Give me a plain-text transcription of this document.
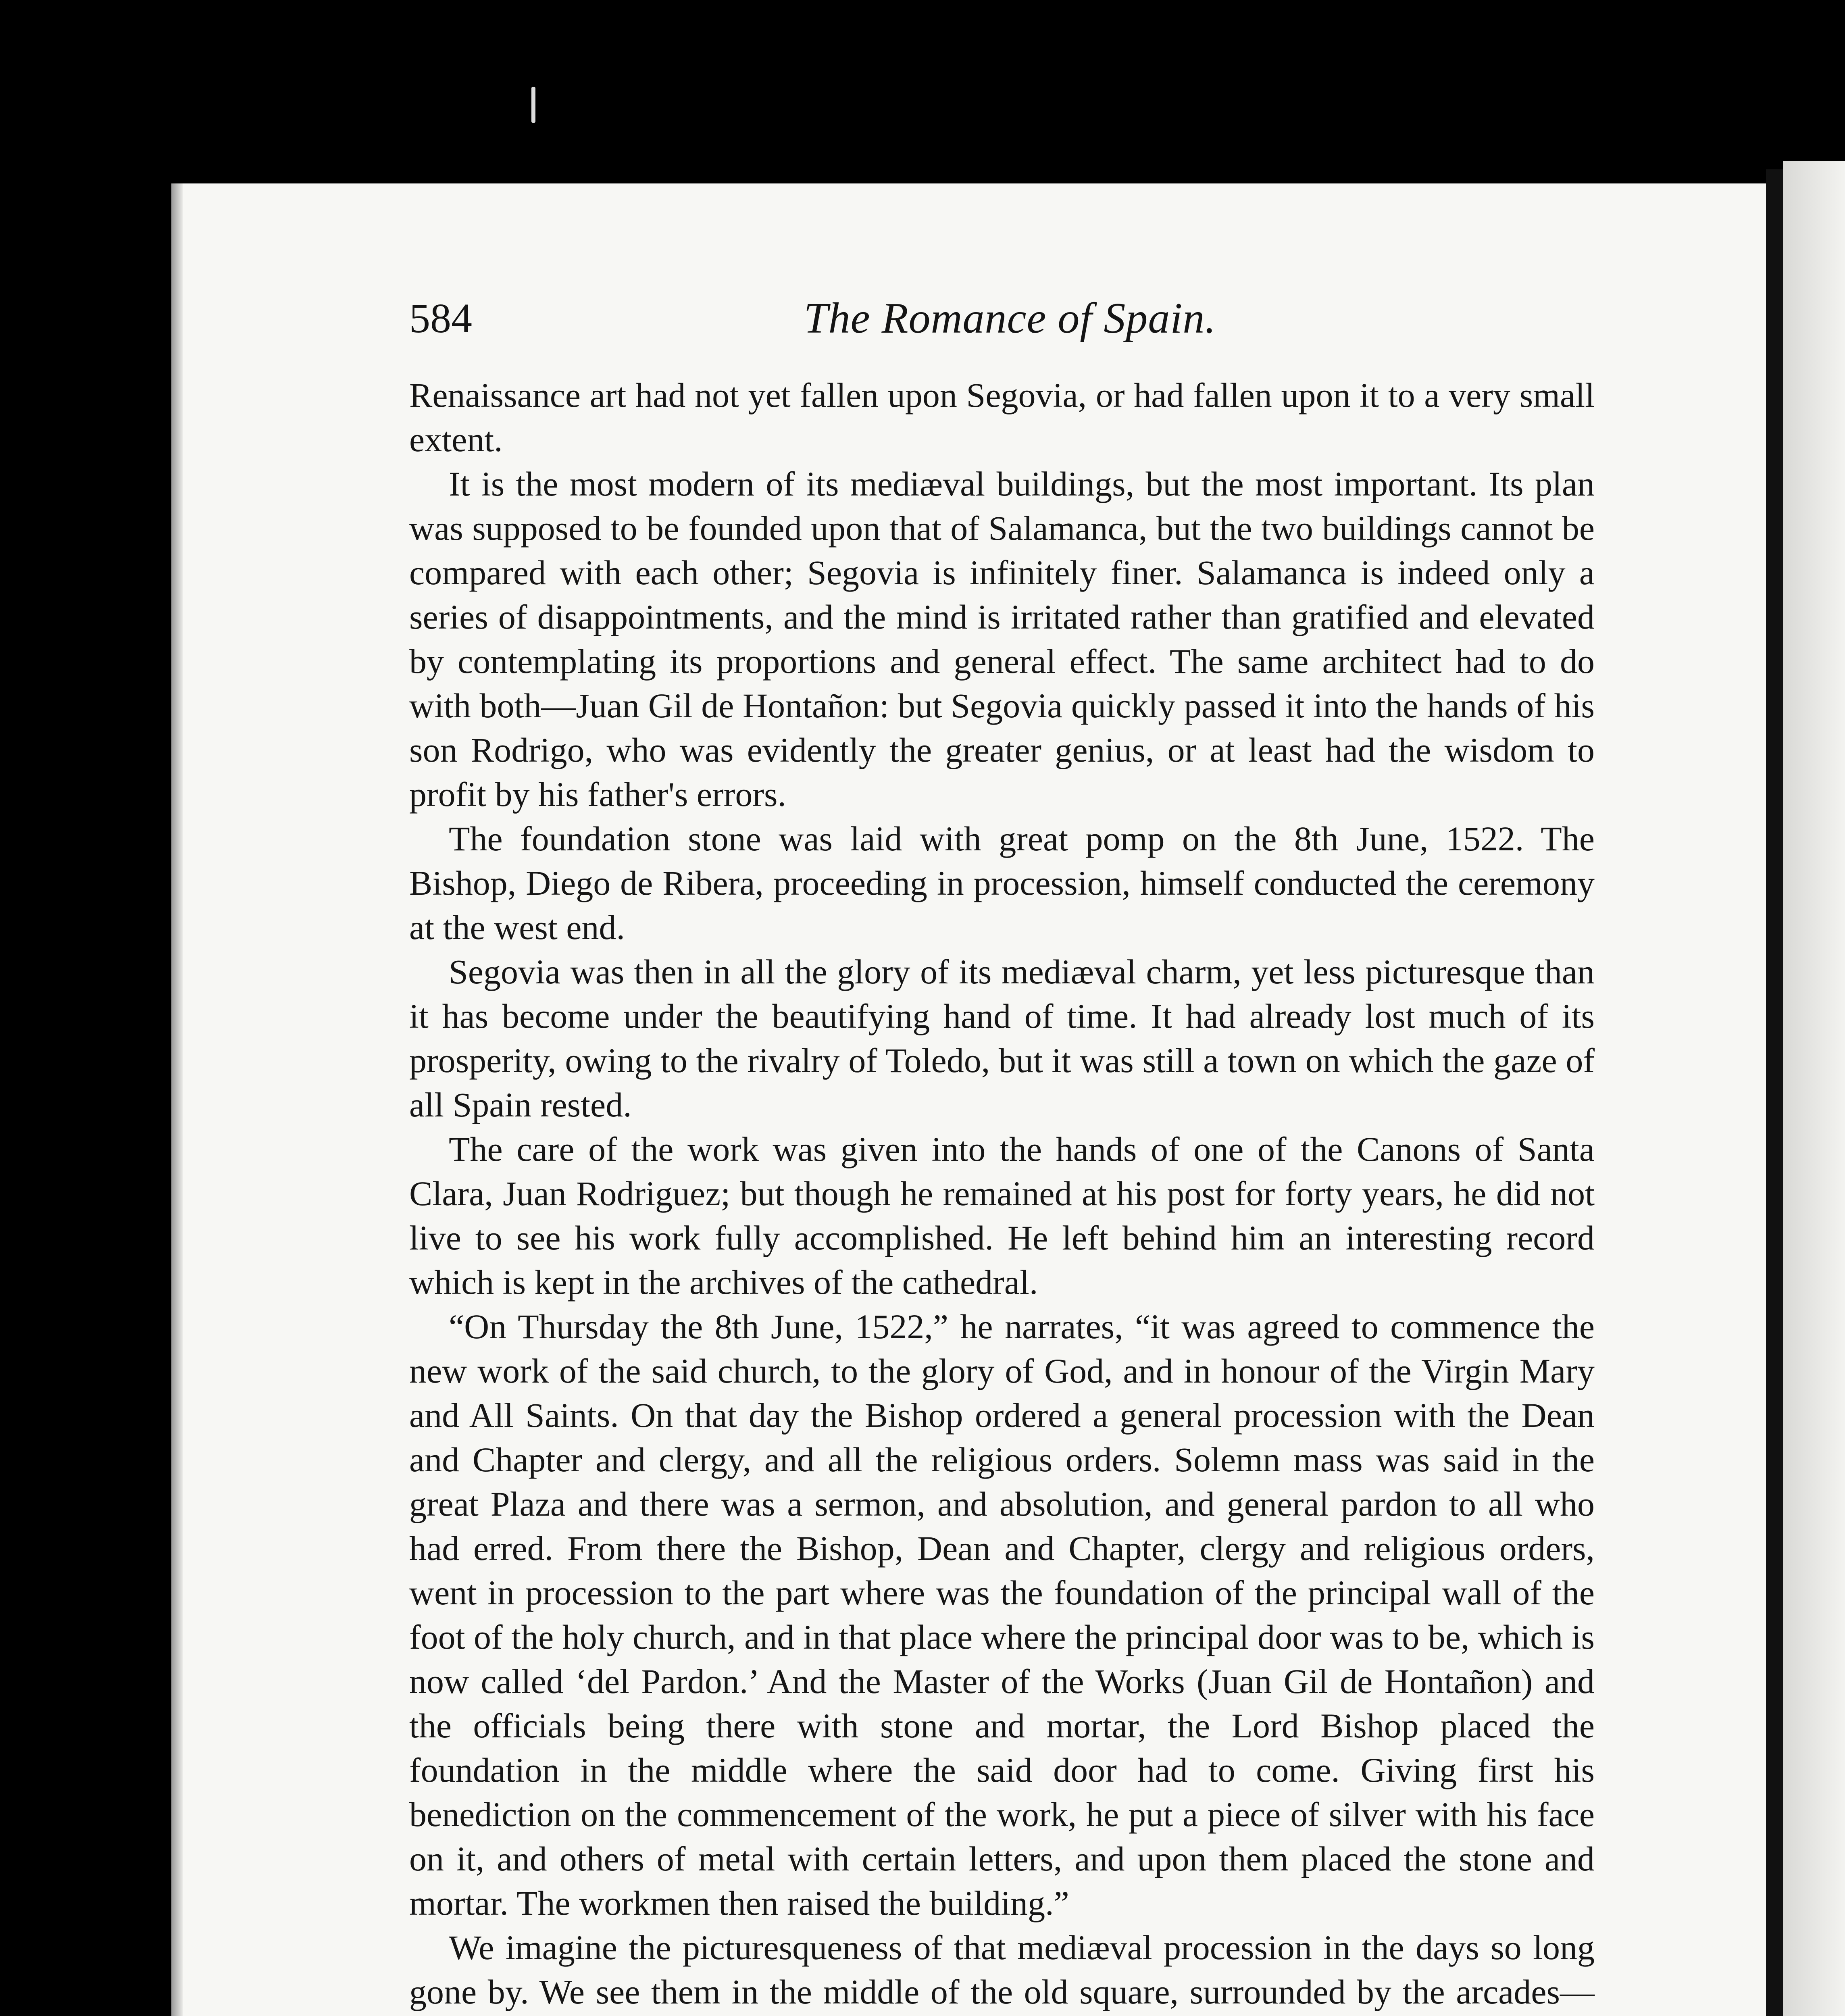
584	The Romance of Spain.

Renaissance art had not yet fallen upon Segovia, or had fallen upon it to a very small extent.

It is the most modern of its mediæval buildings, but the most important. Its plan was supposed to be founded upon that of Salamanca, but the two buildings cannot be compared with each other; Segovia is infinitely finer. Salamanca is indeed only a series of disappointments, and the mind is irritated rather than gratified and elevated by contemplating its proportions and general effect. The same architect had to do with both—Juan Gil de Hontañon: but Segovia quickly passed it into the hands of his son Rodrigo, who was evidently the greater genius, or at least had the wisdom to profit by his father's errors.

The foundation stone was laid with great pomp on the 8th June, 1522. The Bishop, Diego de Ribera, proceeding in procession, himself conducted the ceremony at the west end.

Segovia was then in all the glory of its mediæval charm, yet less picturesque than it has become under the beautifying hand of time. It had already lost much of its prosperity, owing to the rivalry of Toledo, but it was still a town on which the gaze of all Spain rested.

The care of the work was given into the hands of one of the Canons of Santa Clara, Juan Rodriguez; but though he remained at his post for forty years, he did not live to see his work fully accomplished. He left behind him an interesting record which is kept in the archives of the cathedral.

“On Thursday the 8th June, 1522,” he narrates, “it was agreed to commence the new work of the said church, to the glory of God, and in honour of the Virgin Mary and All Saints. On that day the Bishop ordered a general procession with the Dean and Chapter and clergy, and all the religious orders. Solemn mass was said in the great Plaza and there was a sermon, and absolution, and general pardon to all who had erred. From there the Bishop, Dean and Chapter, clergy and religious orders, went in procession to the part where was the foundation of the principal wall of the foot of the holy church, and in that place where the principal door was to be, which is now called ‘del Pardon.’ And the Master of the Works (Juan Gil de Hontañon) and the officials being there with stone and mortar, the Lord Bishop placed the foundation in the middle where the said door had to come. Giving first his benediction on the commencement of the work, he put a piece of silver with his face on it, and others of metal with certain letters, and upon them placed the stone and mortar. The workmen then raised the building.”

We imagine the picturesqueness of that mediæval procession in the days so long gone by. We see them in the middle of the old square, surrounded by the arcades—
